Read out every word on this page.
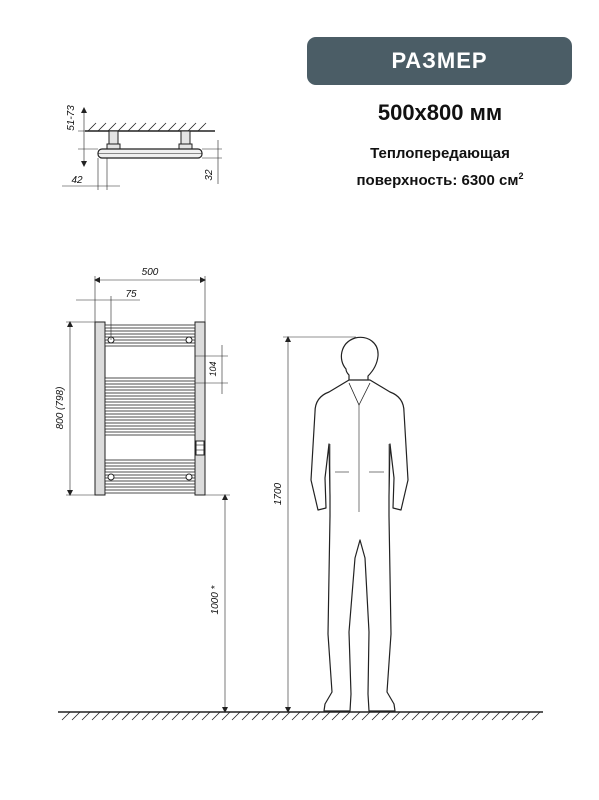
РАЗМЕР
500x800 мм
Теплопередающая
поверхность: 6300 $см^2$
51-73
42	32
500
75
800 (798)
104
1000 *
1700
